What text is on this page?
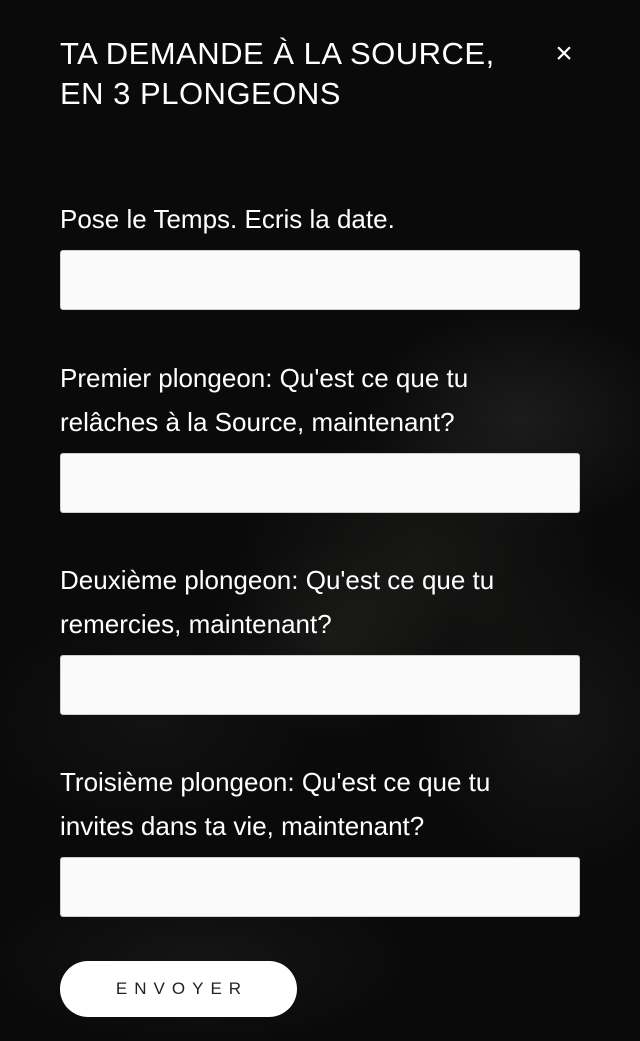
TA DEMANDE À LA SOURCE,
EN 3 PLONGEONS
×
Pose le Temps. Ecris la date.
Premier plongeon: Qu'est ce que tu
relâches à la Source, maintenant?
Deuxième plongeon: Qu'est ce que tu
remercies, maintenant?
Troisième plongeon: Qu'est ce que tu
invites dans ta vie, maintenant?
ENVOYER
